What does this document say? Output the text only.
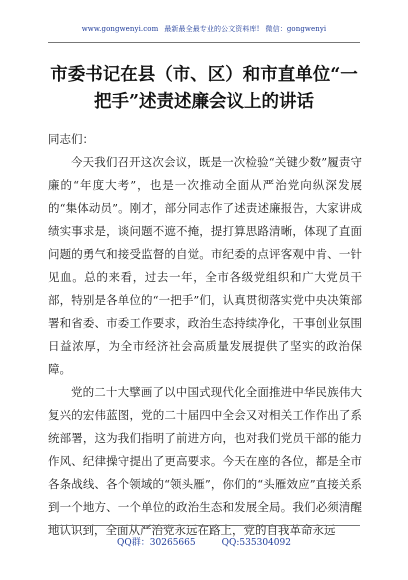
www.gongwenyi.com 最新最全最专业的公文资料库! 微信：gongwenyi
市委书记在县（市、区）和市直单位“一
把手”述责述廉会议上的讲话

同志们：

今天我们召开这次会议，既是一次检验“关键少数”履责守廉的“年度大考”，也是一次推动全面从严治党向纵深发展的“集体动员”。刚才，部分同志作了述责述廉报告，大家讲成绩实事求是，谈问题不遮不掩，提打算思路清晰，体现了直面问题的勇气和接受监督的自觉。市纪委的点评客观中肯、一针见血。总的来看，过去一年，全市各级党组织和广大党员干部，特别是各单位的“一把手”们，认真贯彻落实党中央决策部署和省委、市委工作要求，政治生态持续净化，干事创业氛围日益浓厚，为全市经济社会高质量发展提供了坚实的政治保障。

党的二十大擘画了以中国式现代化全面推进中华民族伟大复兴的宏伟蓝图，党的二十届四中全会又对相关工作作出了系统部署，这为我们指明了前进方向，也对我们党员干部的能力作风、纪律操守提出了更高要求。今天在座的各位，都是全市各条战线、各个领域的“领头雁”，你们的“头雁效应”直接关系到一个地方、一个单位的政治生态和发展全局。我们必须清醒地认识到，全面从严治党永远在路上，党的自我革命永远

QQ群：30265665	QQ:535304092
